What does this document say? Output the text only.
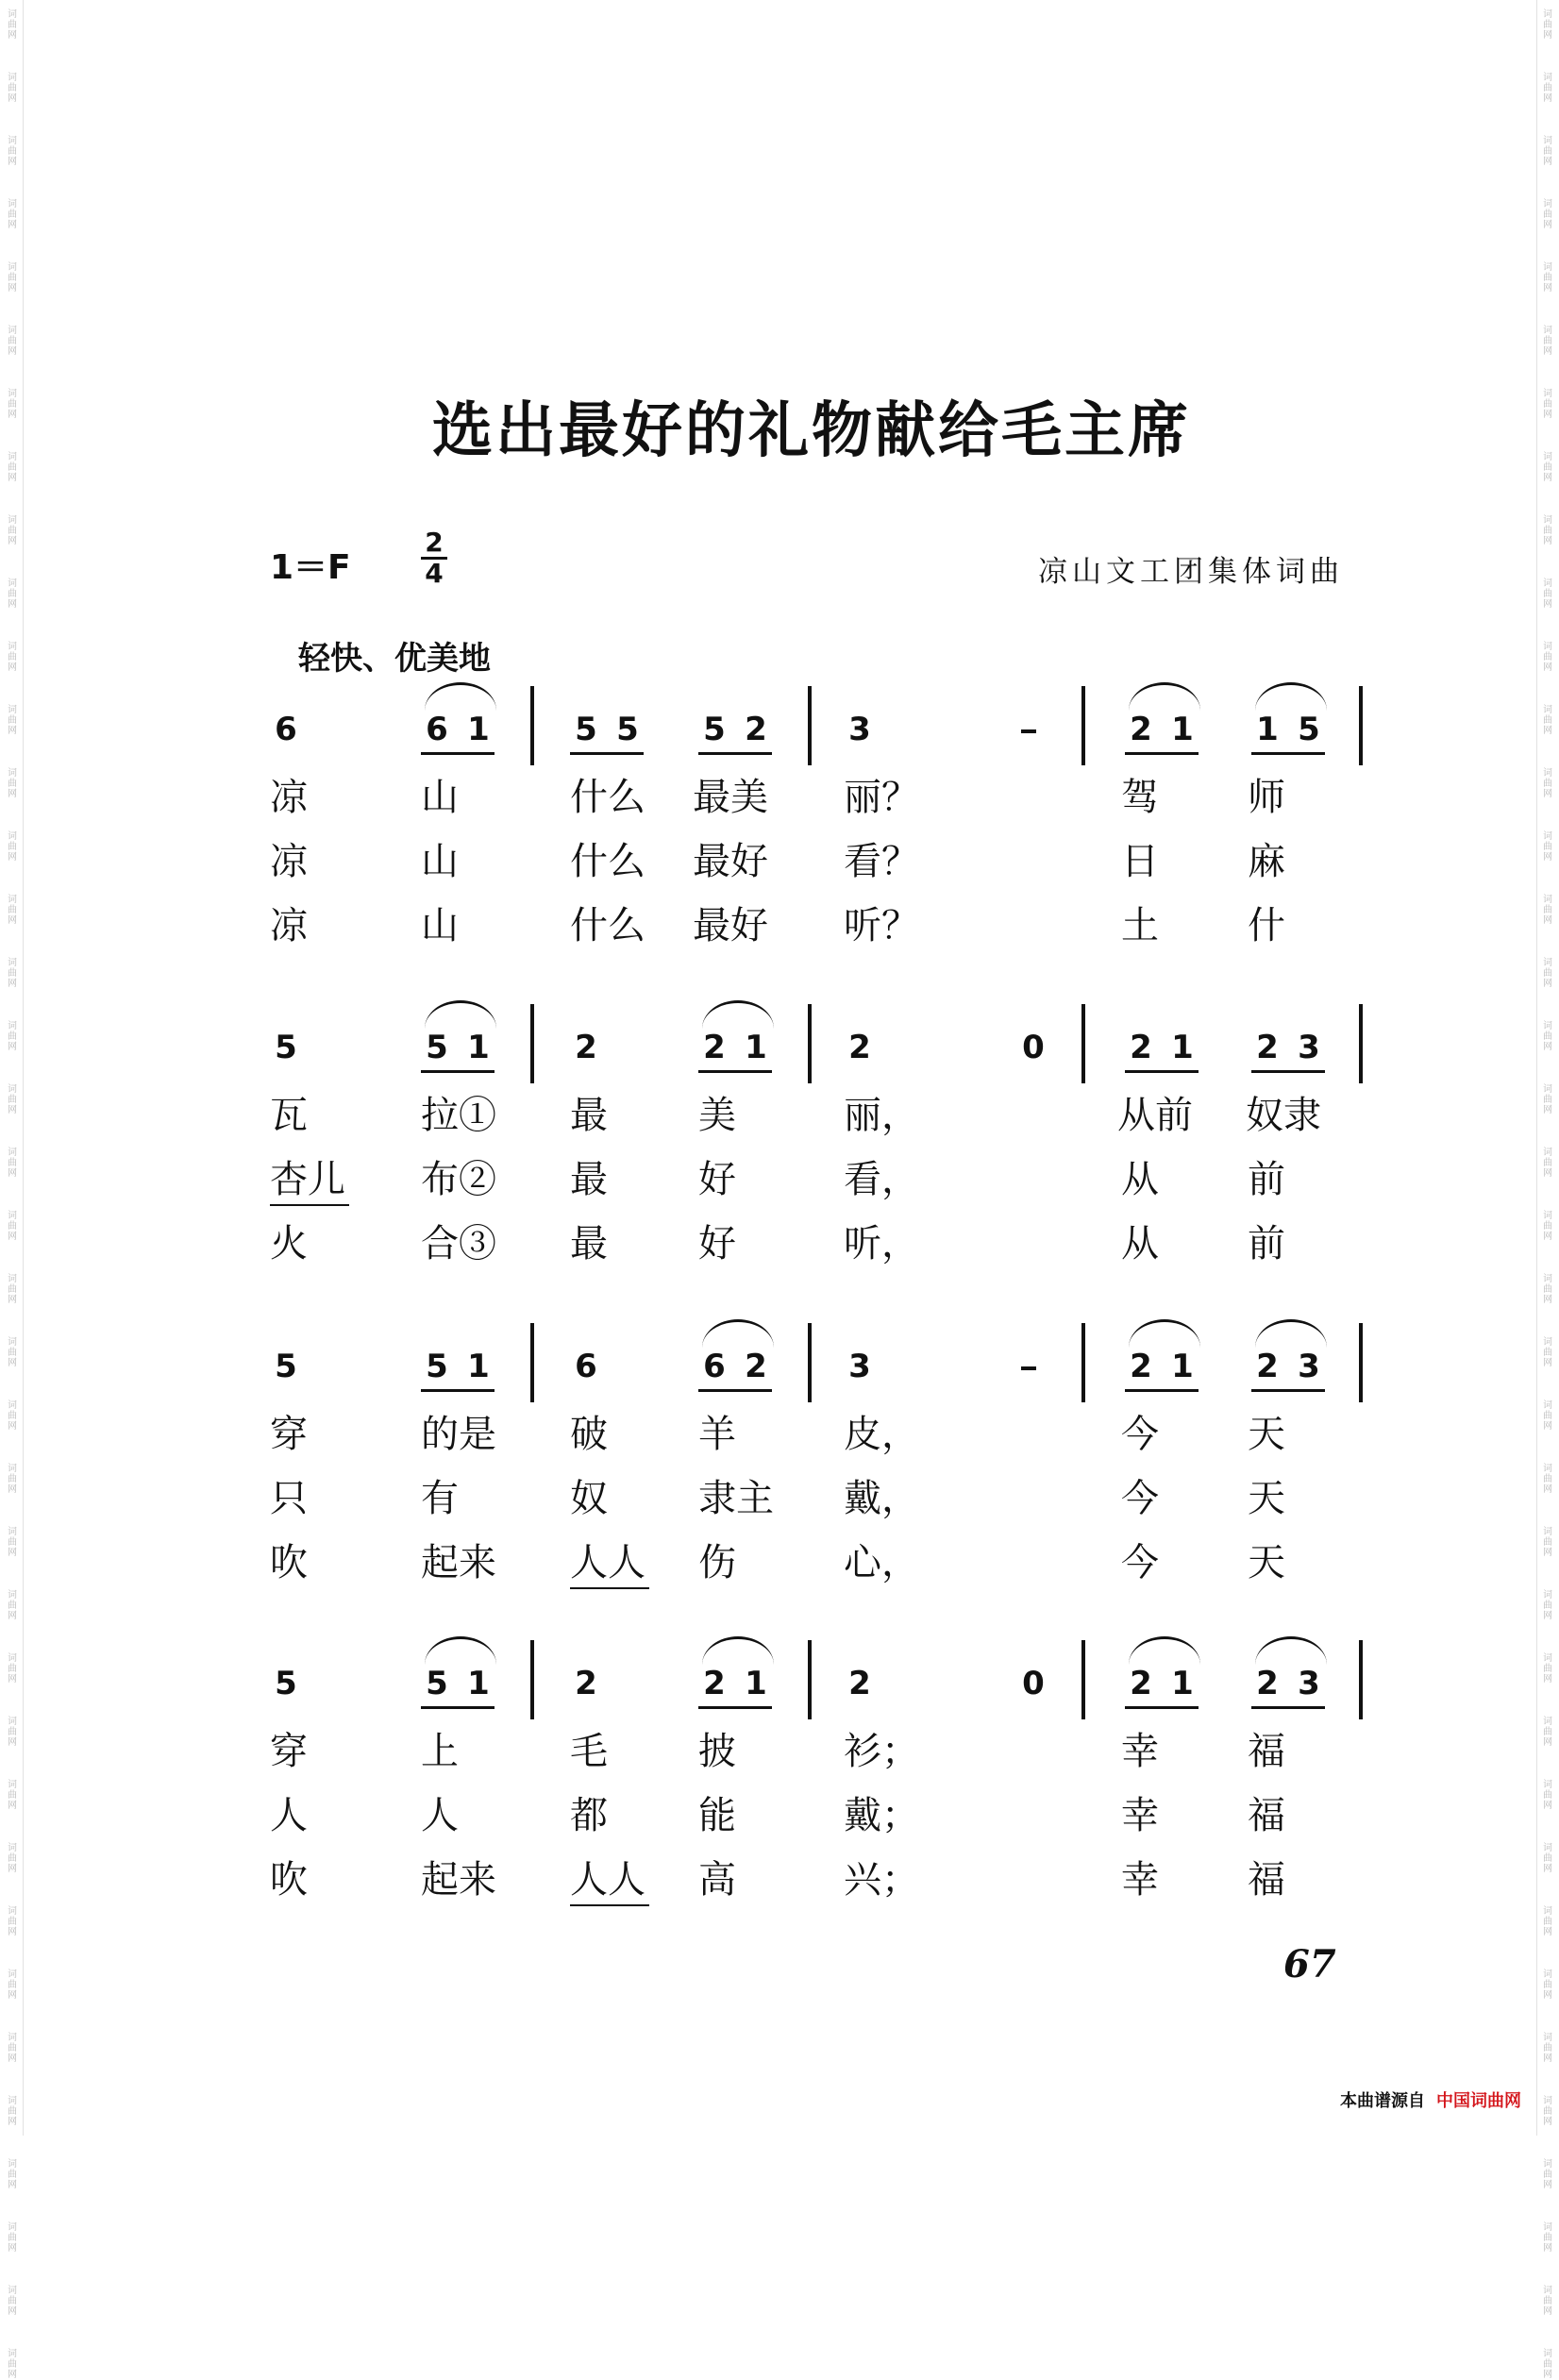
词曲网
词曲网
词曲网
词曲网
词曲网
词曲网
词曲网
词曲网
词曲网
词曲网
词曲网
词曲网
词曲网
词曲网
词曲网
词曲网
词曲网
词曲网
词曲网
词曲网
词曲网
词曲网
词曲网
词曲网
词曲网
词曲网
词曲网
词曲网
词曲网
词曲网
词曲网
词曲网
词曲网
词曲网
词曲网
词曲网
词曲网
词曲网
词曲网
词曲网
词曲网
词曲网
词曲网
词曲网
词曲网
词曲网
词曲网
词曲网
词曲网
词曲网
词曲网
词曲网
词曲网
词曲网
词曲网
词曲网
词曲网
词曲网
词曲网
词曲网
词曲网
词曲网
词曲网
词曲网
词曲网
词曲网
词曲网
词曲网
词曲网
词曲网
词曲网
词曲网
词曲网
词曲网
词曲网
词曲网
选出最好的礼物献给毛主席
1＝F	$\frac{2}{4}$	凉山文工团集体词曲
轻快、优美地
6	6 1	5 5 5 2	3	2 1 1 5
凉	山	什么 最美 丽？	驾 师
凉	山	什么 最好 看？	日 麻
凉	山	什么 最好 听？	土 什
5	5 1	2	2 1	2	0	2 1 2 3
瓦	拉① 最 美	丽，	从前 奴隶
杏儿 布② 最 好	看，	从 前
火	合③ 最 好	听，	从 前
5	5 1	6	6 2	3	2 1 2 3
穿	的是 破 羊	皮，	今 天
只	有	奴 隶主 戴，	今 天
吹	起来 人人 伤	心，	今 天
5	5 1	2	2 1	2	0	2 1 2 3
穿	上	毛 披	衫；	幸 福
人	人	都 能	戴；	幸 福
吹	起来 人人 高	兴；	幸 福
67
本曲谱源自 中国词曲网
